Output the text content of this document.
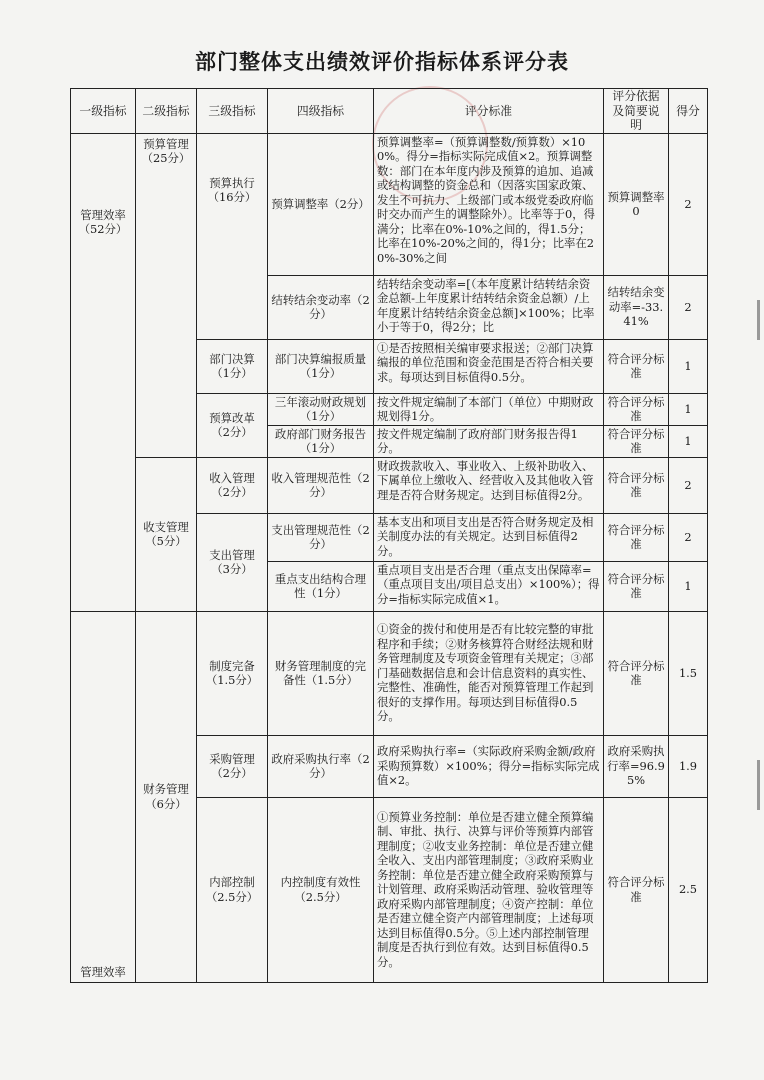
部门整体支出绩效评价指标体系评分表
一级指标	二级指标	三级指标	四级指标	评分标准	评分依据及简要说明	得分
管理效率（52分）	预算管理（25分）	预算执行（16分）	预算调整率（2分）	预算调整率=（预算调整数/预算数）×100%。得分=指标实际完成值×2。预算调整数：部门在本年度内涉及预算的追加、追减或结构调整的资金总和（因落实国家政策、发生不可抗力、上级部门或本级党委政府临时交办而产生的调整除外）。比率等于0，得满分；比率在0%-10%之间的，得1.5分；比率在10%-20%之间的，得1分；比率在20%-30%之间	预算调整率0	2
			结转结余变动率（2分）	结转结余变动率=[（本年度累计结转结余资金总额-上年度累计结转结余资金总额）/上年度累计结转结余资金总额]×100%；比率小于等于0，得2分；比	结转结余变动率=-33.41%	2
		部门决算（1分）	部门决算编报质量（1分）	①是否按照相关编审要求报送；②部门决算编报的单位范围和资金范围是否符合相关要求。每项达到目标值得0.5分。	符合评分标准	1
		预算改革（2分）	三年滚动财政规划（1分）	按文件规定编制了本部门（单位）中期财政规划得1分。	符合评分标准	1
			政府部门财务报告（1分）	按文件规定编制了政府部门财务报告得1分。	符合评分标准	1
	收支管理（5分）	收入管理（2分）	收入管理规范性（2分）	财政拨款收入、事业收入、上级补助收入、下属单位上缴收入、经营收入及其他收入管理是否符合财务规定。达到目标值得2分。	符合评分标准	2
		支出管理（3分）	支出管理规范性（2分）	基本支出和项目支出是否符合财务规定及相关制度办法的有关规定。达到目标值得2分。	符合评分标准	2
			重点支出结构合理性（1分）	重点项目支出是否合理（重点支出保障率=（重点项目支出/项目总支出）×100%）；得分=指标实际完成值×1。	符合评分标准	1
管理效率	财务管理（6分）	制度完备（1.5分）	财务管理制度的完备性（1.5分）	①资金的拨付和使用是否有比较完整的审批程序和手续；②财务核算符合财经法规和财务管理制度及专项资金管理有关规定；③部门基础数据信息和会计信息资料的真实性、完整性、准确性，能否对预算管理工作起到很好的支撑作用。每项达到目标值得0.5分。	符合评分标准	1.5
		采购管理（2分）	政府采购执行率（2分）	政府采购执行率=（实际政府采购金额/政府采购预算数）×100%；得分=指标实际完成值×2。	政府采购执行率=96.95%	1.9
		内部控制（2.5分）	内控制度有效性（2.5分）	①预算业务控制：单位是否建立健全预算编制、审批、执行、决算与评价等预算内部管理制度；②收支业务控制：单位是否建立健全收入、支出内部管理制度；③政府采购业务控制：单位是否建立健全政府采购预算与计划管理、政府采购活动管理、验收管理等政府采购内部管理制度；④资产控制：单位是否建立健全资产内部管理制度；上述每项达到目标值得0.5分。⑤上述内部控制管理制度是否执行到位有效。达到目标值得0.5分。	符合评分标准	2.5
